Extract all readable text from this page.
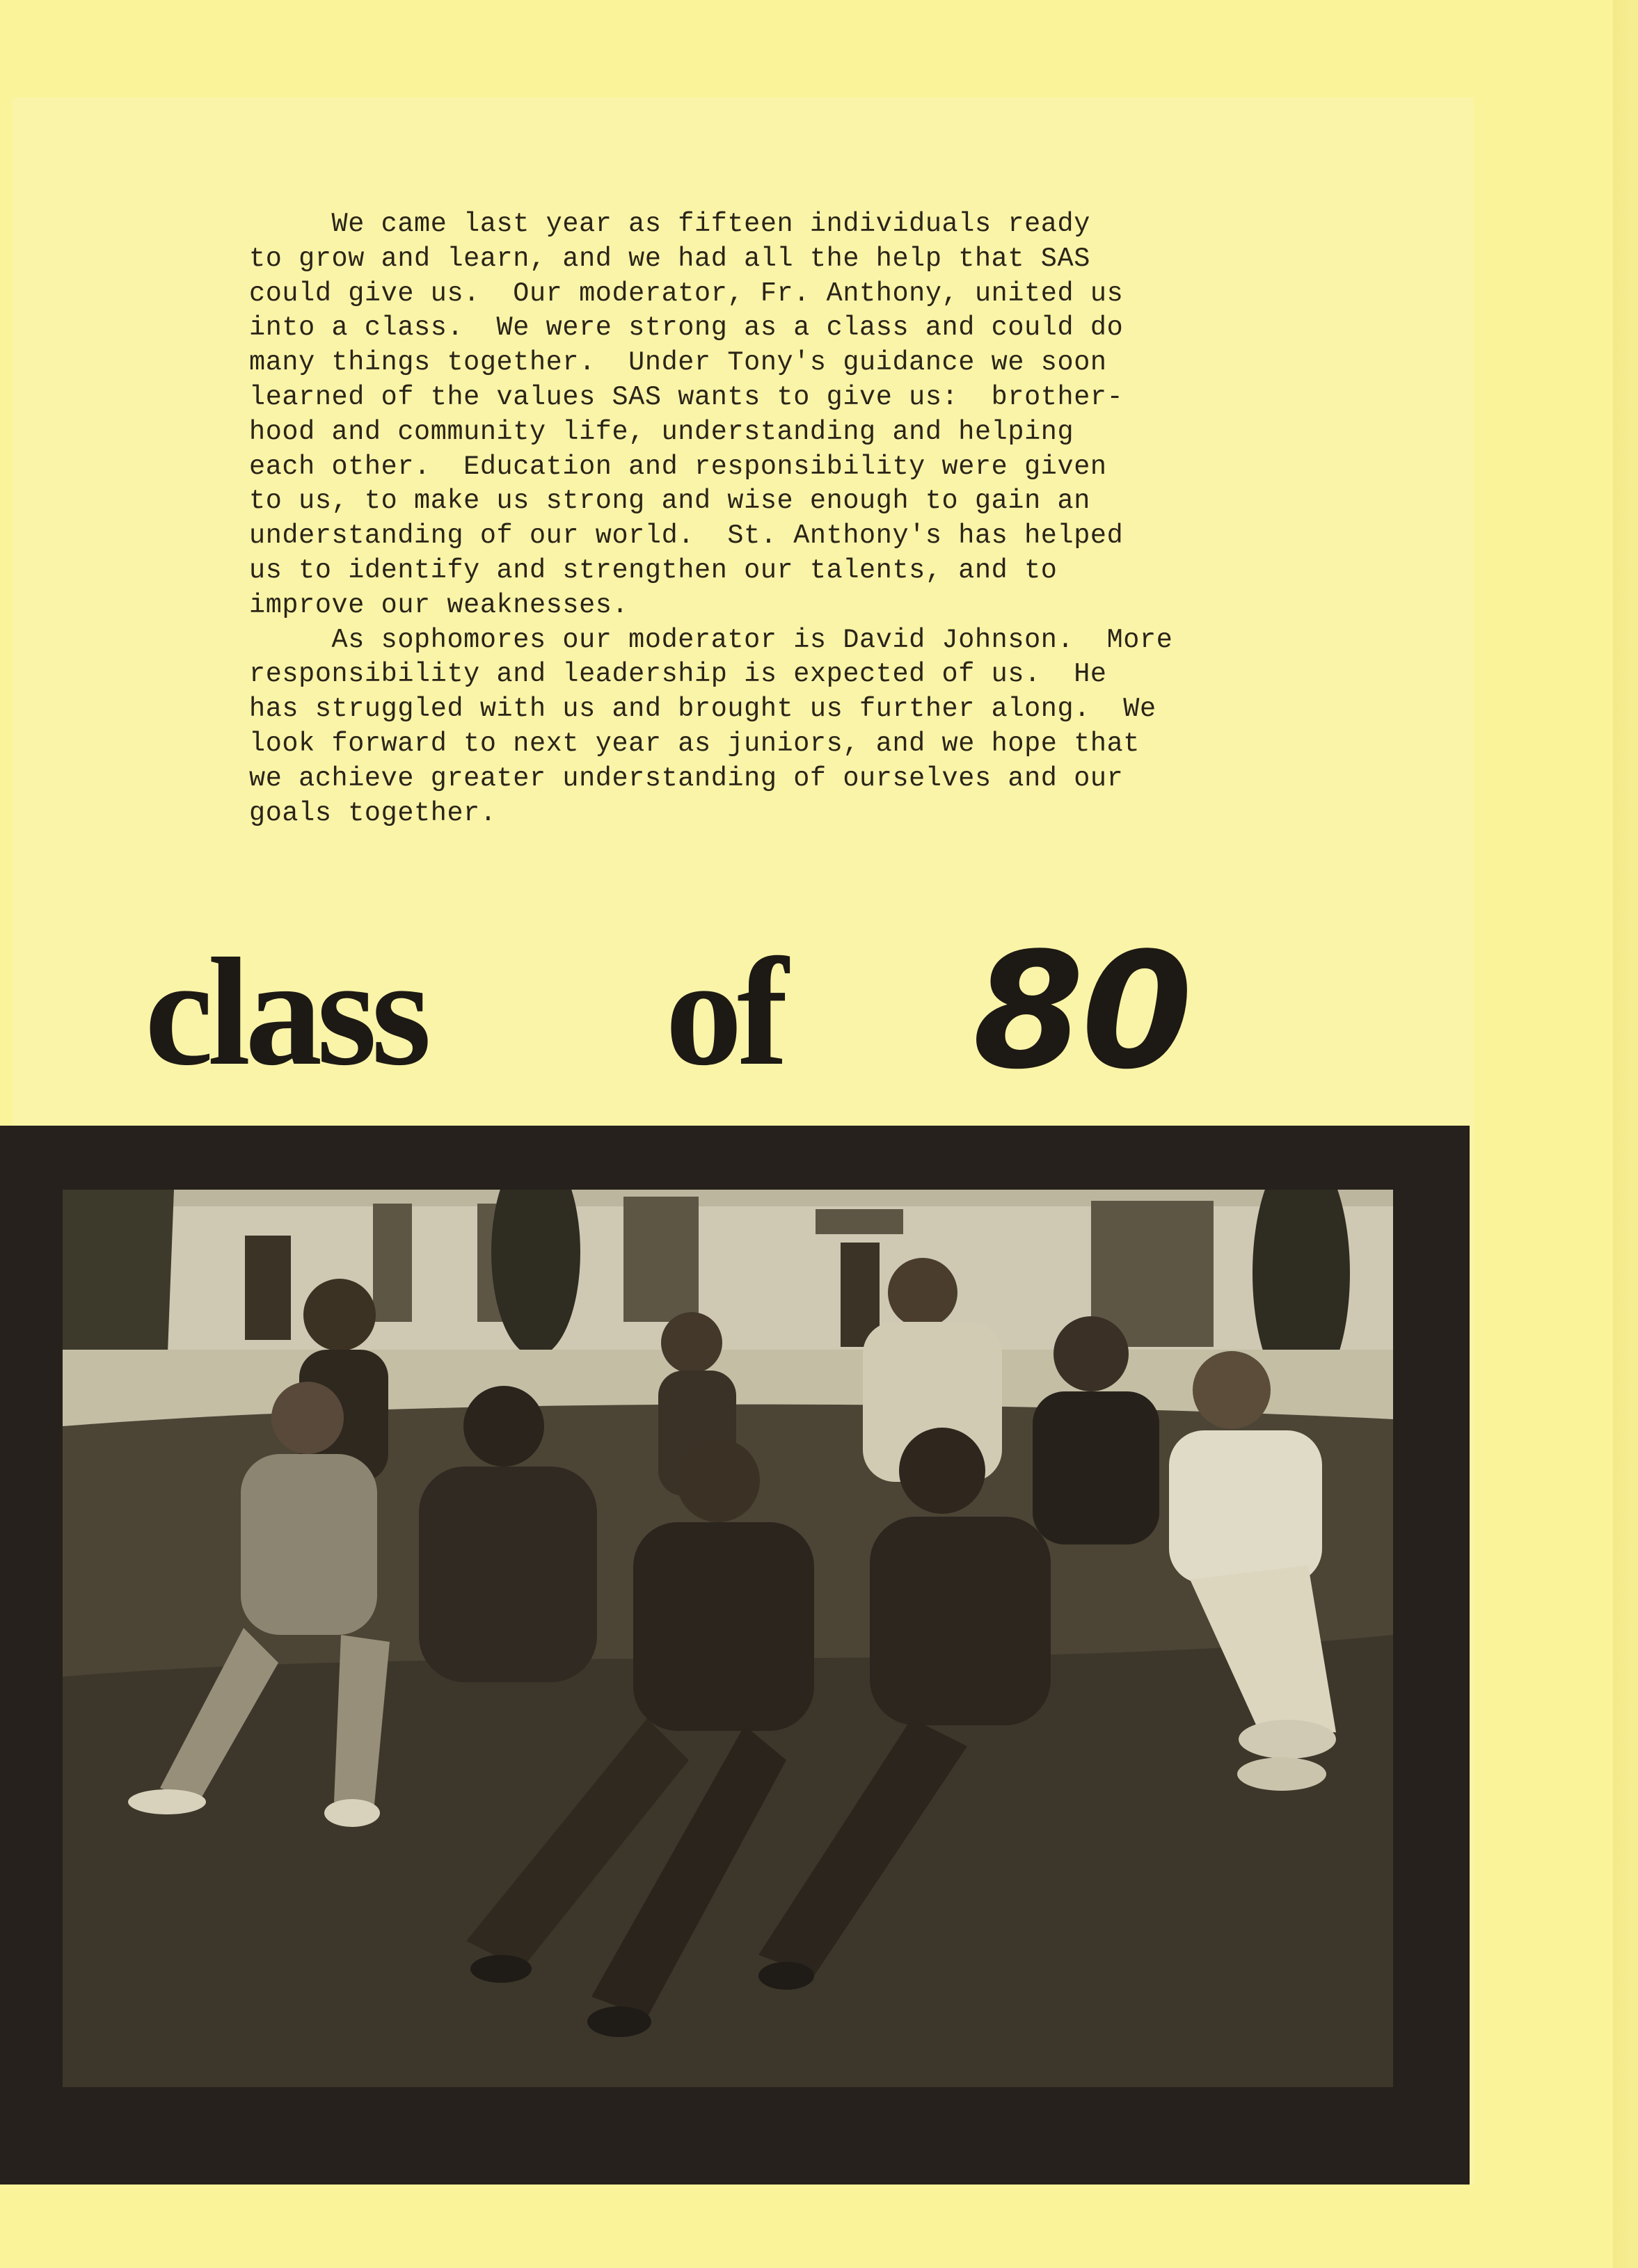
We came last year as fifteen individuals ready
to grow and learn, and we had all the help that SAS
could give us.  Our moderator, Fr. Anthony, united us
into a class.  We were strong as a class and could do
many things together.  Under Tony's guidance we soon
learned of the values SAS wants to give us:  brother-
hood and community life, understanding and helping
each other.  Education and responsibility were given
to us, to make us strong and wise enough to gain an
understanding of our world.  St. Anthony's has helped
us to identify and strengthen our talents, and to
improve our weaknesses.
As sophomores our moderator is David Johnson.  More
responsibility and leadership is expected of us.  He
has struggled with us and brought us further along.  We
look forward to next year as juniors, and we hope that
we achieve greater understanding of ourselves and our
goals together.

class of 80
